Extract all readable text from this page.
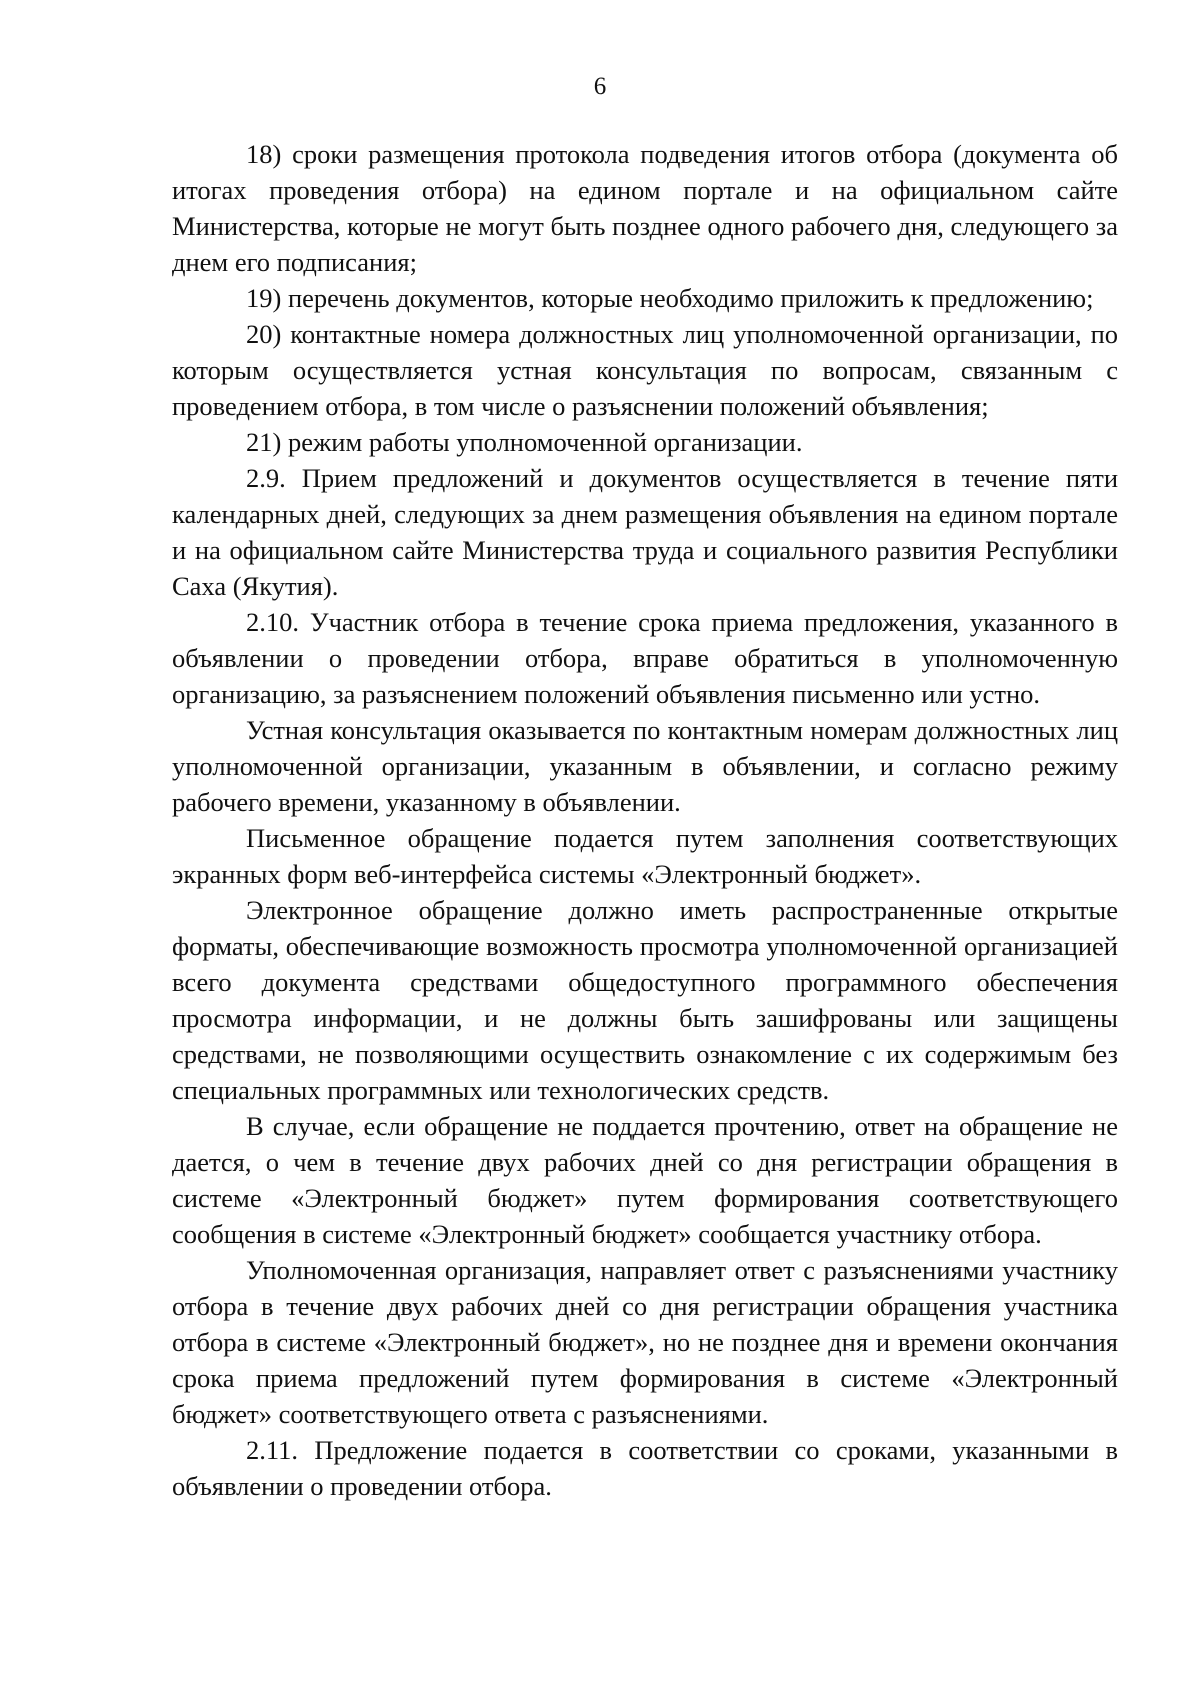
6

18) сроки размещения протокола подведения итогов отбора (документа об итогах проведения отбора) на едином портале и на официальном сайте Министерства, которые не могут быть позднее одного рабочего дня, следующего за днем его подписания;

19) перечень документов, которые необходимо приложить к предложению;

20) контактные номера должностных лиц уполномоченной организации, по которым осуществляется устная консультация по вопросам, связанным с проведением отбора, в том числе о разъяснении положений объявления;

21) режим работы уполномоченной организации.

2.9. Прием предложений и документов осуществляется в течение пяти календарных дней, следующих за днем размещения объявления на едином портале и на официальном сайте Министерства труда и социального развития Республики Саха (Якутия).

2.10. Участник отбора в течение срока приема предложения, указанного в объявлении о проведении отбора, вправе обратиться в уполномоченную организацию, за разъяснением положений объявления письменно или устно.

Устная консультация оказывается по контактным номерам должностных лиц уполномоченной организации, указанным в объявлении, и согласно режиму рабочего времени, указанному в объявлении.

Письменное обращение подается путем заполнения соответствующих экранных форм веб-интерфейса системы «Электронный бюджет».

Электронное обращение должно иметь распространенные открытые форматы, обеспечивающие возможность просмотра уполномоченной организацией всего документа средствами общедоступного программного обеспечения просмотра информации, и не должны быть зашифрованы или защищены средствами, не позволяющими осуществить ознакомление с их содержимым без специальных программных или технологических средств.

В случае, если обращение не поддается прочтению, ответ на обращение не дается, о чем в течение двух рабочих дней со дня регистрации обращения в системе «Электронный бюджет» путем формирования соответствующего сообщения в системе «Электронный бюджет» сообщается участнику отбора.

Уполномоченная организация, направляет ответ с разъяснениями участнику отбора в течение двух рабочих дней со дня регистрации обращения участника отбора в системе «Электронный бюджет», но не позднее дня и времени окончания срока приема предложений путем формирования в системе «Электронный бюджет» соответствующего ответа с разъяснениями.

2.11. Предложение подается в соответствии со сроками, указанными в объявлении о проведении отбора.
